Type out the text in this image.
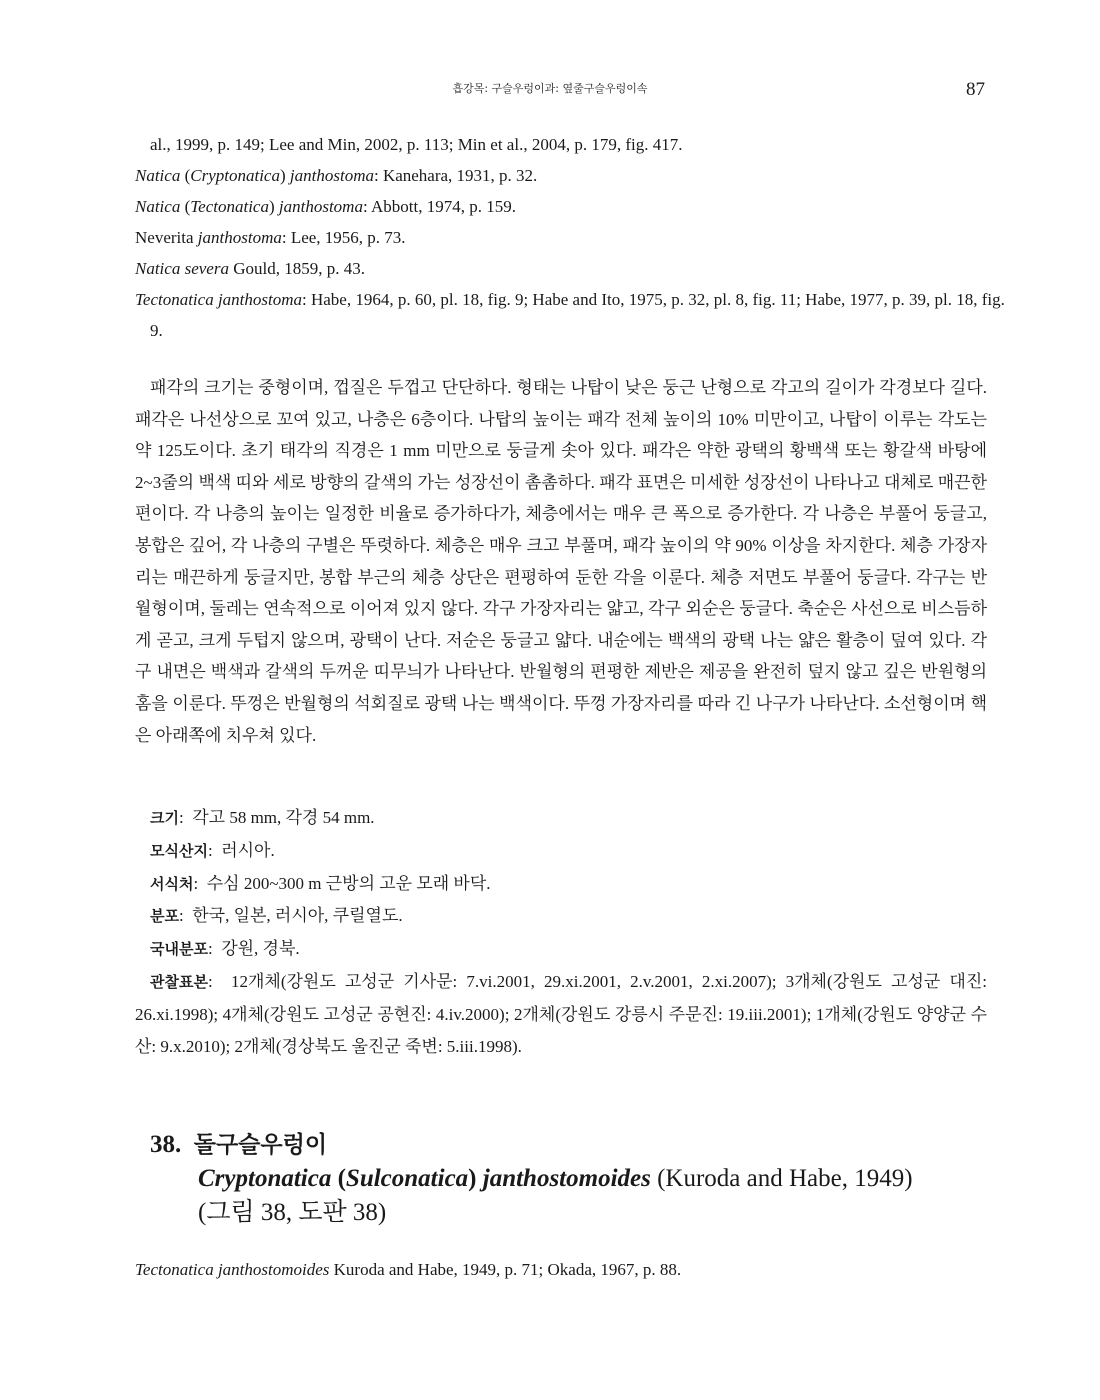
흡강목: 구슬우렁이과: 옆줄구슬우렁이속	87
al., 1999, p. 149; Lee and Min, 2002, p. 113; Min et al., 2004, p. 179, fig. 417.
Natica (Cryptonatica) janthostoma: Kanehara, 1931, p. 32.
Natica (Tectonatica) janthostoma: Abbott, 1974, p. 159.
Neverita janthostoma: Lee, 1956, p. 73.
Natica severa Gould, 1859, p. 43.
Tectonatica janthostoma: Habe, 1964, p. 60, pl. 18, fig. 9; Habe and Ito, 1975, p. 32, pl. 8, fig. 11; Habe, 1977, p. 39, pl. 18, fig. 9.
패각의 크기는 중형이며, 껍질은 두껍고 단단하다. 형태는 나탑이 낮은 둥근 난형으로 각고의 길이가 각경보다 길다. 패각은 나선상으로 꼬여 있고, 나층은 6층이다. 나탑의 높이는 패각 전체 높이의 10% 미만이고, 나탑이 이루는 각도는 약 125도이다. 초기 태각의 직경은 1 mm 미만으로 둥글게 솟아 있다. 패각은 약한 광택의 황백색 또는 황갈색 바탕에 2~3줄의 백색 띠와 세로 방향의 갈색의 가는 성장선이 촘촘하다. 패각 표면은 미세한 성장선이 나타나고 대체로 매끈한 편이다. 각 나층의 높이는 일정한 비율로 증가하다가, 체층에서는 매우 큰 폭으로 증가한다. 각 나층은 부풀어 둥글고, 봉합은 깊어, 각 나층의 구별은 뚜렷하다. 체층은 매우 크고 부풀며, 패각 높이의 약 90% 이상을 차지한다. 체층 가장자리는 매끈하게 둥글지만, 봉합 부근의 체층 상단은 편평하여 둔한 각을 이룬다. 체층 저면도 부풀어 둥글다. 각구는 반월형이며, 둘레는 연속적으로 이어져 있지 않다. 각구 가장자리는 얇고, 각구 외순은 둥글다. 축순은 사선으로 비스듬하게 곧고, 크게 두텁지 않으며, 광택이 난다. 저순은 둥글고 얇다. 내순에는 백색의 광택 나는 얇은 활층이 덮여 있다. 각구 내면은 백색과 갈색의 두꺼운 띠무늬가 나타난다. 반월형의 편평한 제반은 제공을 완전히 덮지 않고 깊은 반원형의 홈을 이룬다. 뚜껑은 반월형의 석회질로 광택 나는 백색이다. 뚜껑 가장자리를 따라 긴 나구가 나타난다. 소선형이며 핵은 아래쪽에 치우쳐 있다.
크기:  각고 58 mm, 각경 54 mm.
모식산지:  러시아.
서식처:  수심 200~300 m 근방의 고운 모래 바닥.
분포:  한국, 일본, 러시아, 쿠릴열도.
국내분포:  강원, 경북.
관찰표본:  12개체(강원도 고성군 기사문: 7.vi.2001, 29.xi.2001, 2.v.2001, 2.xi.2007); 3개체(강원도 고성군 대진: 26.xi.1998); 4개체(강원도 고성군 공현진: 4.iv.2000); 2개체(강원도 강릉시 주문진: 19.iii.2001); 1개체(강원도 양양군 수산: 9.x.2010); 2개체(경상북도 울진군 죽변: 5.iii.1998).
38. 돌구슬우렁이
Cryptonatica (Sulconatica) janthostomoides (Kuroda and Habe, 1949)
(그림 38, 도판 38)
Tectonatica janthostomoides Kuroda and Habe, 1949, p. 71; Okada, 1967, p. 88.
